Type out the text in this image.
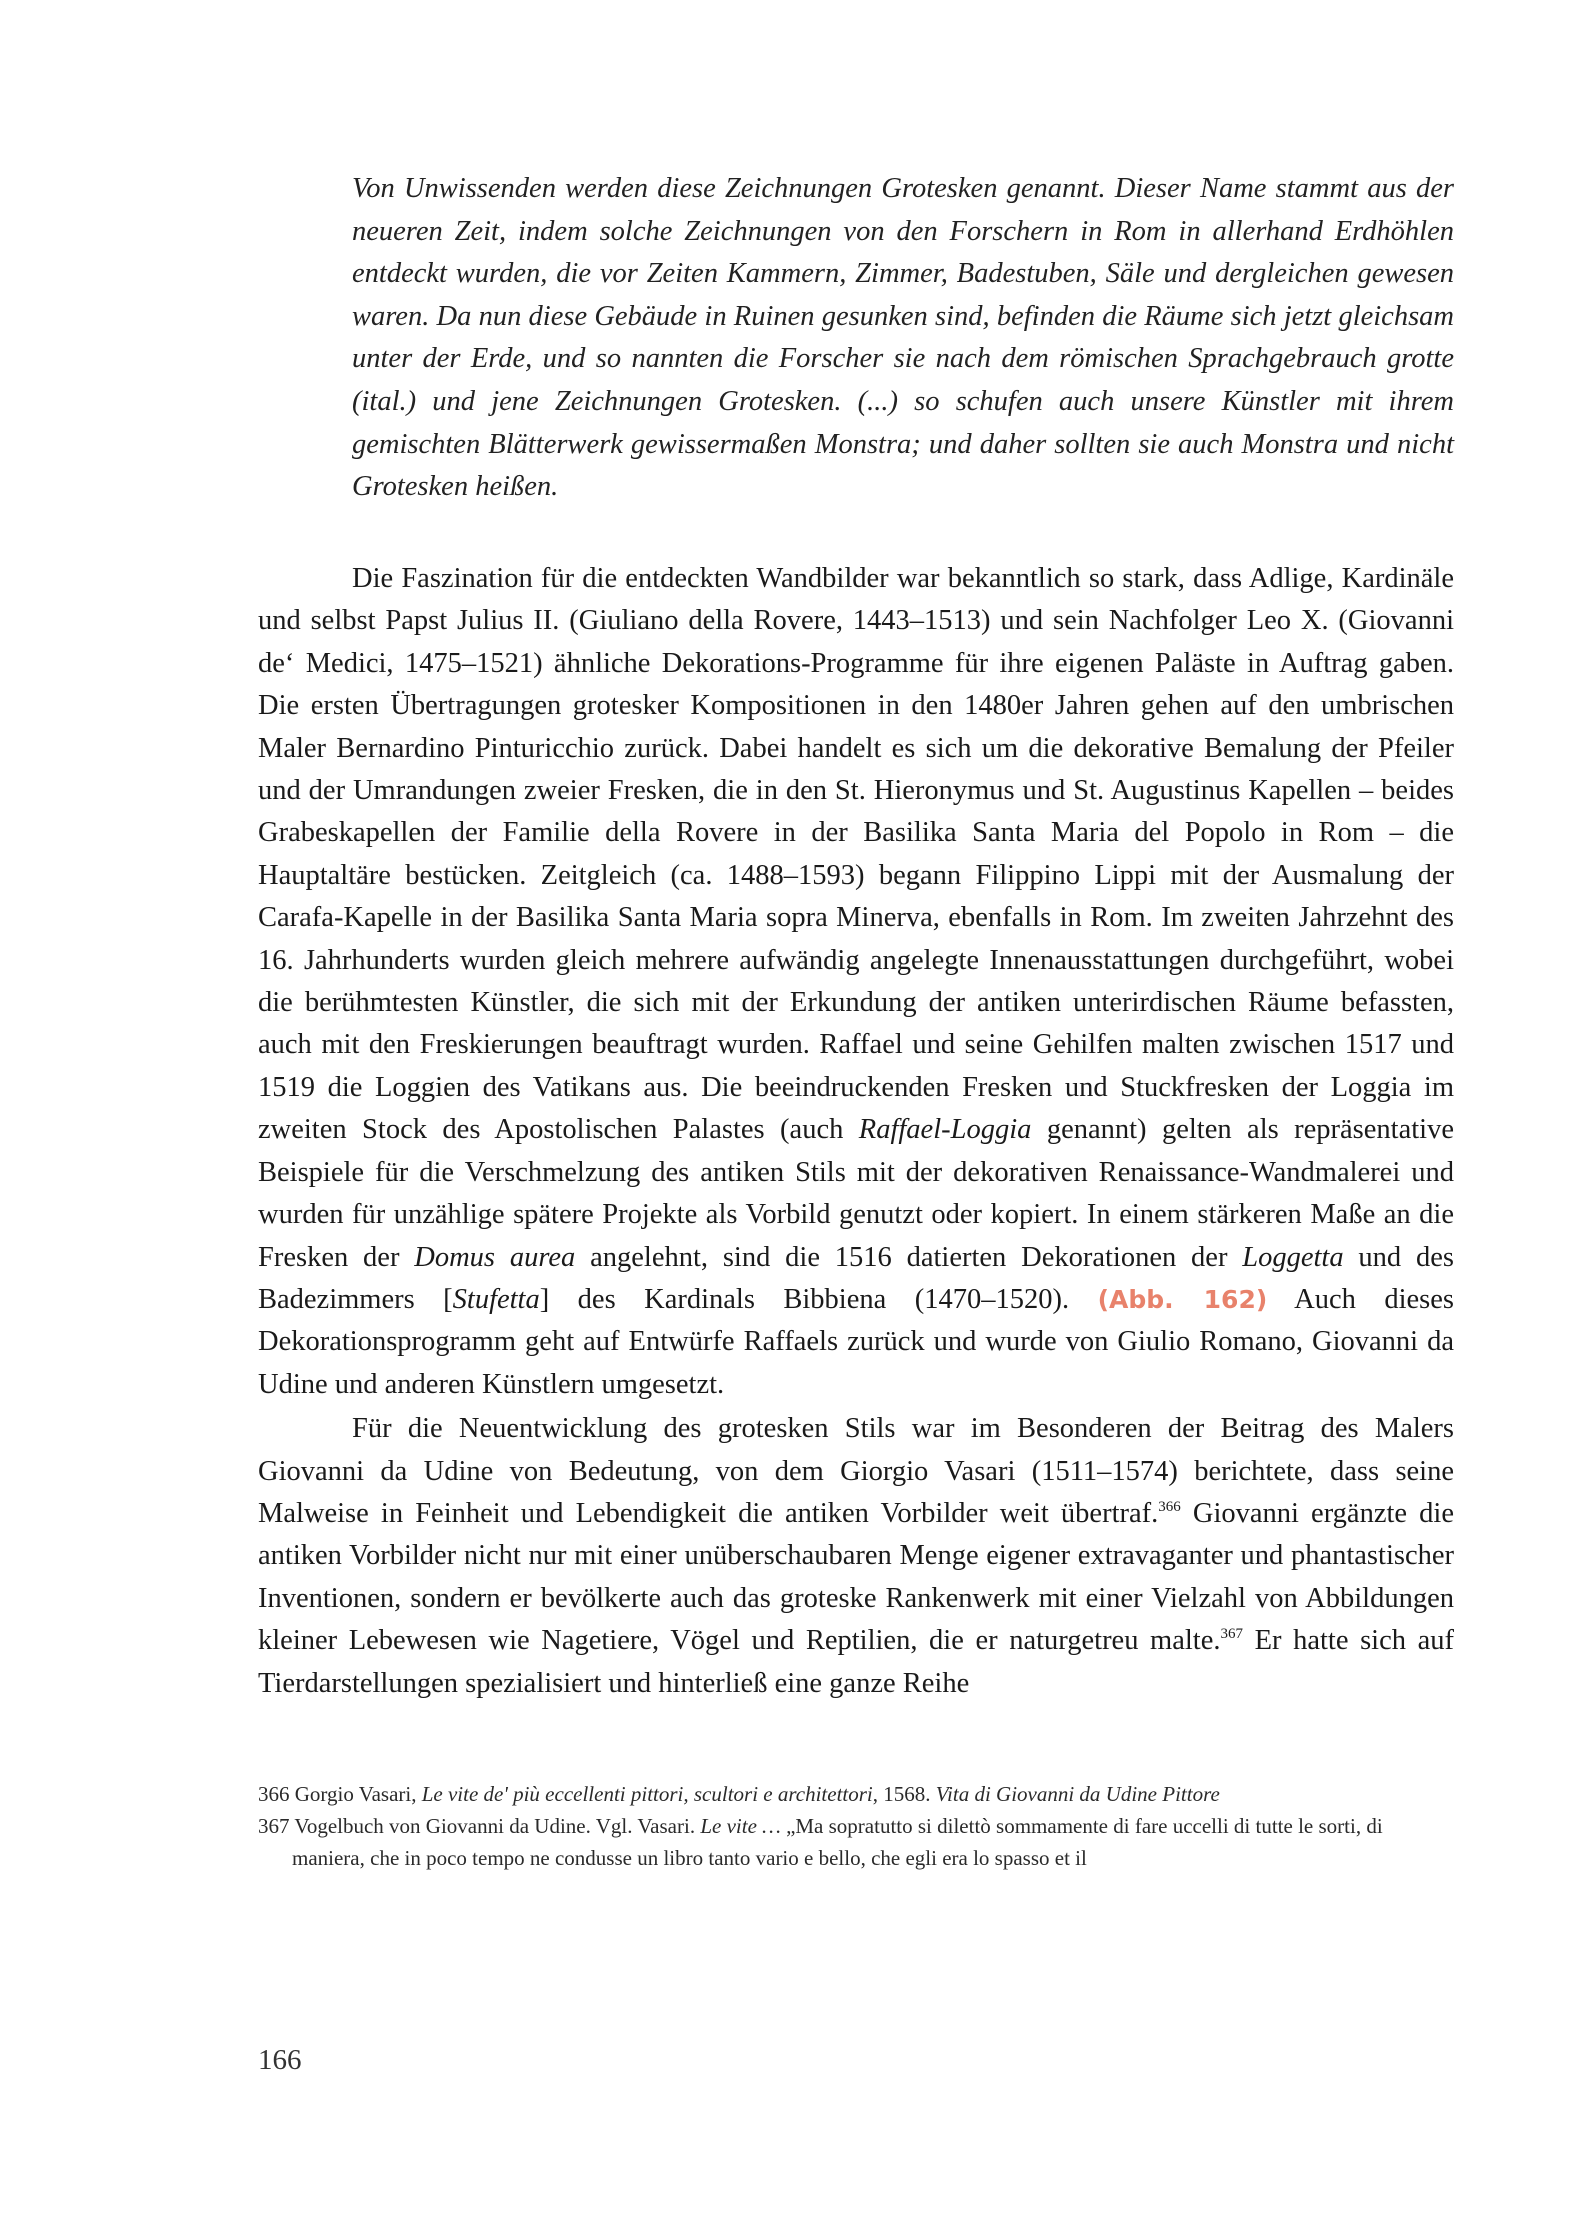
Von Unwissenden werden diese Zeichnungen Grotesken genannt. Dieser Name stammt aus der neueren Zeit, indem solche Zeichnungen von den Forschern in Rom in allerhand Erdhöhlen entdeckt wurden, die vor Zeiten Kammern, Zimmer, Badestuben, Säle und dergleichen gewesen waren. Da nun diese Gebäude in Ruinen gesunken sind, befinden die Räume sich jetzt gleichsam unter der Erde, und so nannten die Forscher sie nach dem römischen Sprachgebrauch grotte (ital.) und jene Zeichnungen Grotesken. (...) so schufen auch unsere Künstler mit ihrem gemischten Blätterwerk gewissermaßen Monstra; und daher sollten sie auch Monstra und nicht Grotesken heißen.

Die Faszination für die entdeckten Wandbilder war bekanntlich so stark, dass Adlige, Kardinäle und selbst Papst Julius II. (Giuliano della Rovere, 1443–1513) und sein Nachfolger Leo X. (Giovanni de‘ Medici, 1475–1521) ähnliche Dekorations-Programme für ihre eigenen Paläste in Auftrag gaben. Die ersten Übertragungen grotesker Kompositionen in den 1480er Jahren gehen auf den umbrischen Maler Bernardino Pinturicchio zurück. Dabei handelt es sich um die dekorative Bemalung der Pfeiler und der Umrandungen zweier Fresken, die in den St. Hieronymus und St. Augustinus Kapellen – beides Grabeskapellen der Familie della Rovere in der Basilika Santa Maria del Popolo in Rom – die Hauptaltäre bestücken. Zeitgleich (ca. 1488–1593) begann Filippino Lippi mit der Ausmalung der Carafa-Kapelle in der Basilika Santa Maria sopra Minerva, ebenfalls in Rom. Im zweiten Jahrzehnt des 16. Jahrhunderts wurden gleich mehrere aufwändig angelegte Innenausstattungen durchgeführt, wobei die berühmtesten Künstler, die sich mit der Erkundung der antiken unterirdischen Räume befassten, auch mit den Freskierungen beauftragt wurden. Raffael und seine Gehilfen malten zwischen 1517 und 1519 die Loggien des Vatikans aus. Die beeindruckenden Fresken und Stuckfresken der Loggia im zweiten Stock des Apostolischen Palastes (auch Raffael-Loggia genannt) gelten als repräsentative Beispiele für die Verschmelzung des antiken Stils mit der dekorativen Renaissance-Wandmalerei und wurden für unzählige spätere Projekte als Vorbild genutzt oder kopiert. In einem stärkeren Maße an die Fresken der Domus aurea angelehnt, sind die 1516 datierten Dekorationen der Loggetta und des Badezimmers [Stufetta] des Kardinals Bibbiena (1470–1520). (Abb. 162) Auch dieses Dekorationsprogramm geht auf Entwürfe Raffaels zurück und wurde von Giulio Romano, Giovanni da Udine und anderen Künstlern umgesetzt.

Für die Neuentwicklung des grotesken Stils war im Besonderen der Beitrag des Malers Giovanni da Udine von Bedeutung, von dem Giorgio Vasari (1511–1574) berichtete, dass seine Malweise in Feinheit und Lebendigkeit die antiken Vorbilder weit übertraf.$^{366}$ Giovanni ergänzte die antiken Vorbilder nicht nur mit einer unüberschaubaren Menge eigener extravaganter und phantastischer Inventionen, sondern er bevölkerte auch das groteske Rankenwerk mit einer Vielzahl von Abbildungen kleiner Lebewesen wie Nagetiere, Vögel und Reptilien, die er naturgetreu malte.$^{367}$ Er hatte sich auf Tierdarstellungen spezialisiert und hinterließ eine ganze Reihe

366 Gorgio Vasari, Le vite de' più eccellenti pittori, scultori e architettori, 1568. Vita di Giovanni da Udine Pittore
367 Vogelbuch von Giovanni da Udine. Vgl. Vasari. Le vite … „Ma sopratutto si dilettò sommamente di fare uccelli di tutte le sorti, di maniera, che in poco tempo ne condusse un libro tanto vario e bello, che egli era lo spasso et il
166
